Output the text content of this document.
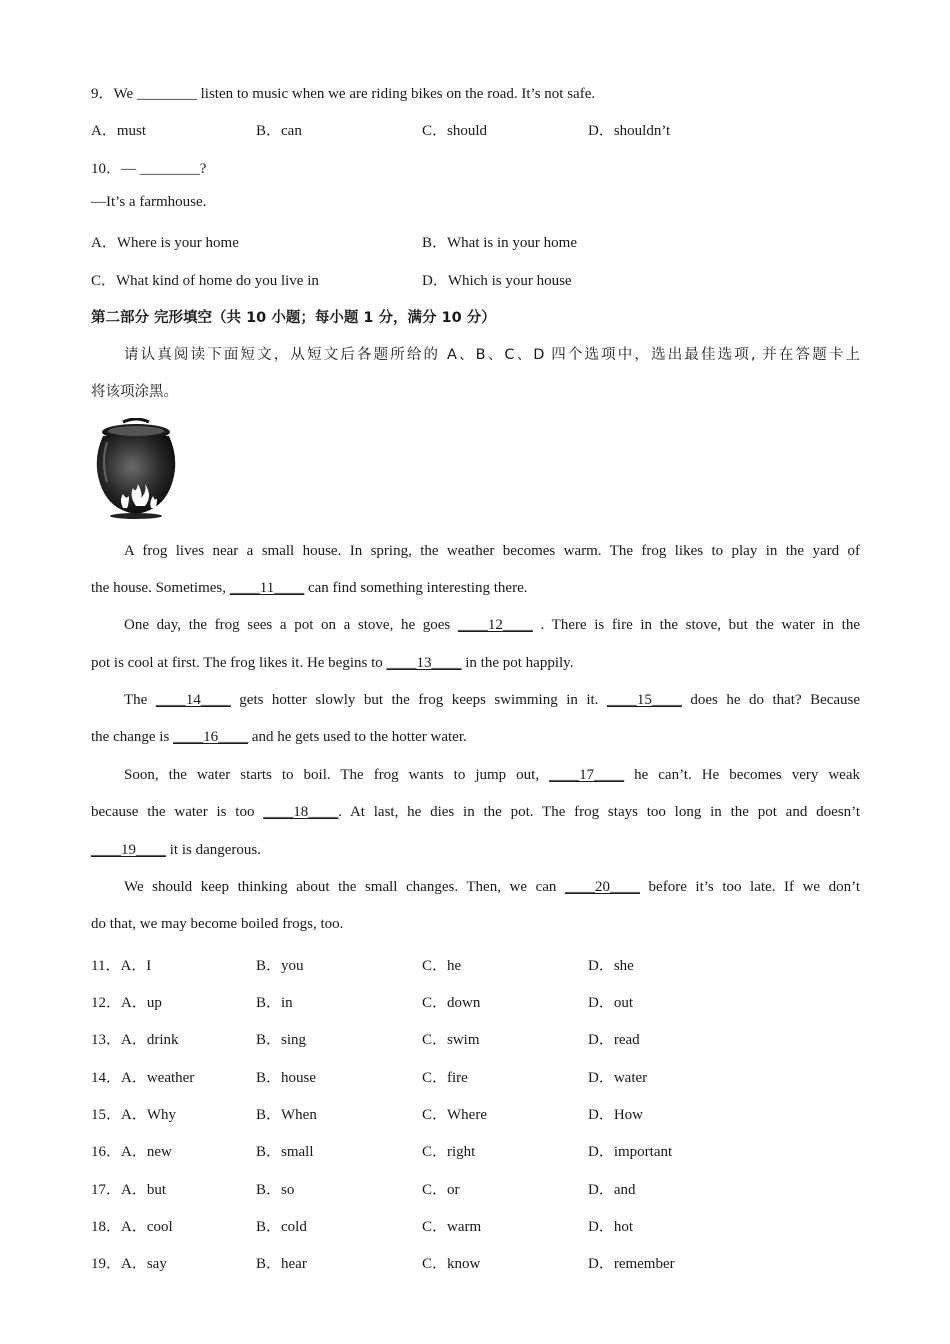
9．We ________ listen to music when we are riding bikes on the road. It’s not safe.
A．must	B．can	C．should	D．shouldn’t
10．— ________?
—It’s a farmhouse.
A．Where is your home	B．What is in your home
C．What kind of home do you live in	D．Which is your house
第二部分 完形填空（共 10 小题；每小题 1 分，满分 10 分）
请认真阅读下面短文，从短文后各题所给的 A、B、C、D 四个选项中，选出最佳选项, 并在答题卡上
将该项涂黑。
A frog lives near a small house. In spring, the weather becomes warm. The frog likes to play in the yard of
the house. Sometimes, ____11____ can find something interesting there.
One day, the frog sees a pot on a stove, he goes ____12____ . There is fire in the stove, but the water in the
pot is cool at first. The frog likes it. He begins to ____13____ in the pot happily.
The ____14____ gets hotter slowly but the frog keeps swimming in it. ____15____ does he do that? Because
the change is ____16____ and he gets used to the hotter water.
Soon, the water starts to boil. The frog wants to jump out, ____17____ he can’t. He becomes very weak
because the water is too ____18____. At last, he dies in the pot. The frog stays too long in the pot and doesn’t
____19____ it is dangerous.
We should keep thinking about the small changes. Then, we can ____20____ before it’s too late. If we don’t
do that, we may become boiled frogs, too.
11．A．I	B．you	C．he	D．she
12．A．up	B．in	C．down	D．out
13．A．drink	B．sing	C．swim	D．read
14．A．weather	B．house	C．fire	D．water
15．A．Why	B．When	C．Where	D．How
16．A．new	B．small	C．right	D．important
17．A．but	B．so	C．or	D．and
18．A．cool	B．cold	C．warm	D．hot
19．A．say	B．hear	C．know	D．remember
